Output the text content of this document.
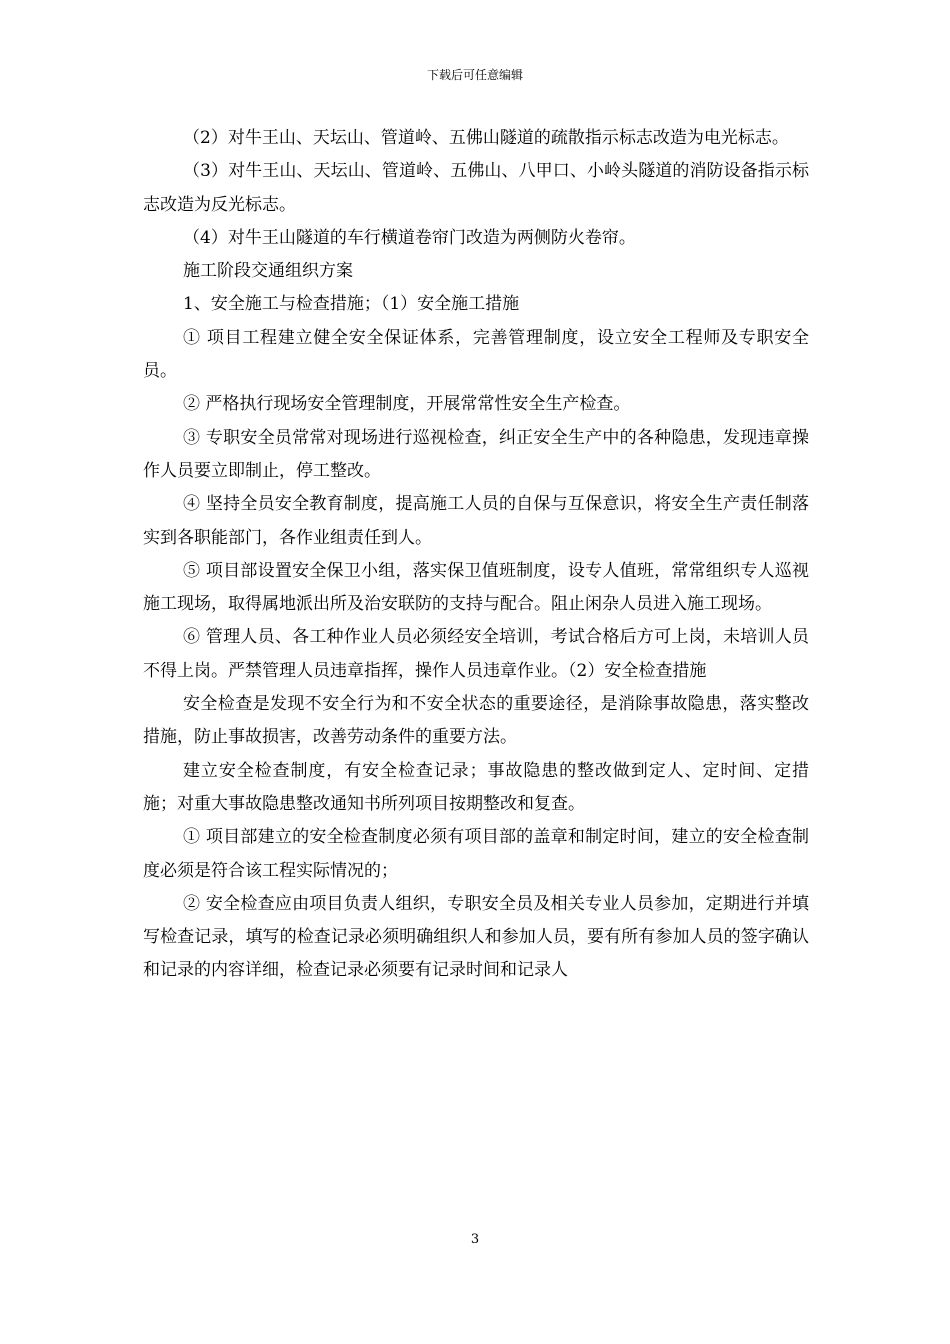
下载后可任意编辑

（2）对牛王山、天坛山、管道岭、五佛山隧道的疏散指示标志改造为电光标志。

（3）对牛王山、天坛山、管道岭、五佛山、八甲口、小岭头隧道的消防设备指示标志改造为反光标志。

（4）对牛王山隧道的车行横道卷帘门改造为两侧防火卷帘。

施工阶段交通组织方案

1、安全施工与检查措施；（1）安全施工措施

① 项目工程建立健全安全保证体系，完善管理制度，设立安全工程师及专职安全员。

② 严格执行现场安全管理制度，开展常常性安全生产检查。

③ 专职安全员常常对现场进行巡视检查，纠正安全生产中的各种隐患，发现违章操作人员要立即制止，停工整改。

④ 坚持全员安全教育制度，提高施工人员的自保与互保意识，将安全生产责任制落实到各职能部门，各作业组责任到人。

⑤ 项目部设置安全保卫小组，落实保卫值班制度，设专人值班，常常组织专人巡视施工现场，取得属地派出所及治安联防的支持与配合。阻止闲杂人员进入施工现场。

⑥ 管理人员、各工种作业人员必须经安全培训，考试合格后方可上岗，未培训人员不得上岗。严禁管理人员违章指挥，操作人员违章作业。（2）安全检查措施

安全检查是发现不安全行为和不安全状态的重要途径，是消除事故隐患，落实整改措施，防止事故损害，改善劳动条件的重要方法。

建立安全检查制度，有安全检查记录；事故隐患的整改做到定人、定时间、定措施；对重大事故隐患整改通知书所列项目按期整改和复查。

① 项目部建立的安全检查制度必须有项目部的盖章和制定时间，建立的安全检查制度必须是符合该工程实际情况的；

② 安全检查应由项目负责人组织，专职安全员及相关专业人员参加，定期进行并填写检查记录，填写的检查记录必须明确组织人和参加人员，要有所有参加人员的签字确认和记录的内容详细，检查记录必须要有记录时间和记录人

3
